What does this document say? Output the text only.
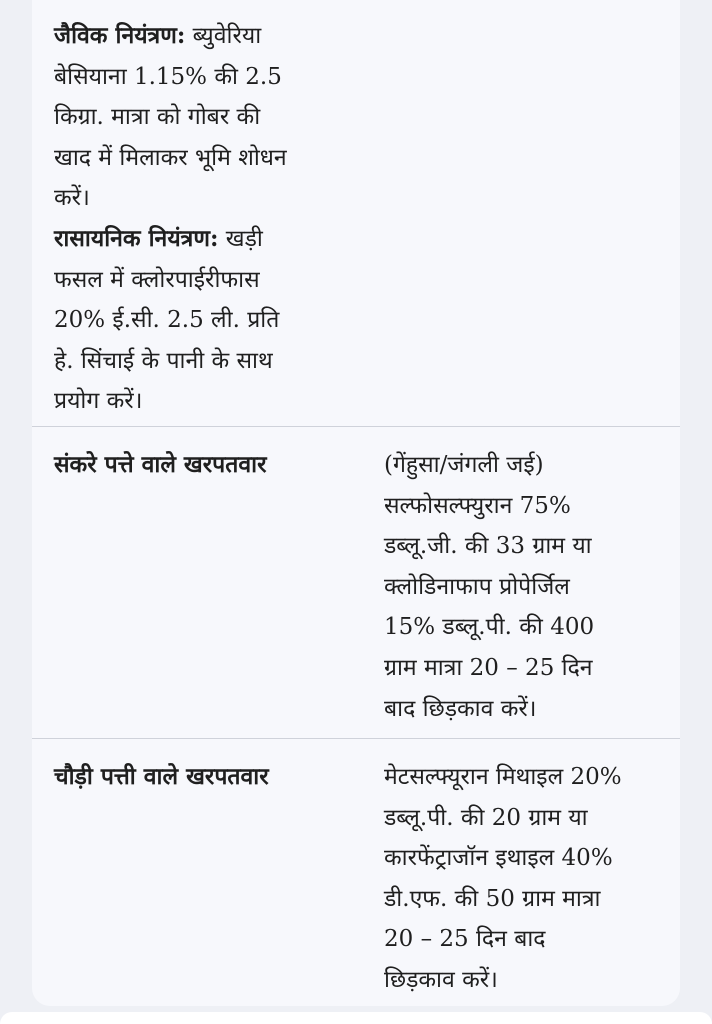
जैविक नियंत्रण: ब्युवेरिया
बेसियाना 1.15% की 2.5
किग्रा. मात्रा को गोबर की
खाद में मिलाकर भूमि शोधन
करें।
रासायनिक नियंत्रण: खड़ी
फसल में क्लोरपाईरीफास
20% ई.सी. 2.5 ली. प्रति
हे. सिंचाई के पानी के साथ
प्रयोग करें।
संकरे पत्ते वाले खरपतवार	(गेंहुसा/जंगली जई)
सल्फोसल्फ्युरान 75%
डब्लू.जी. की 33 ग्राम या
क्लोडिनाफाप प्रोपेर्जिल
15% डब्लू.पी. की 400
ग्राम मात्रा 20 – 25 दिन
बाद छिड़काव करें।
चौड़ी पत्ती वाले खरपतवार	मेटसल्फ्यूरान मिथाइल 20%
डब्लू.पी. की 20 ग्राम या
कारफेंट्राजॉन इथाइल 40%
डी.एफ. की 50 ग्राम मात्रा
20 – 25 दिन बाद
छिड़काव करें।
